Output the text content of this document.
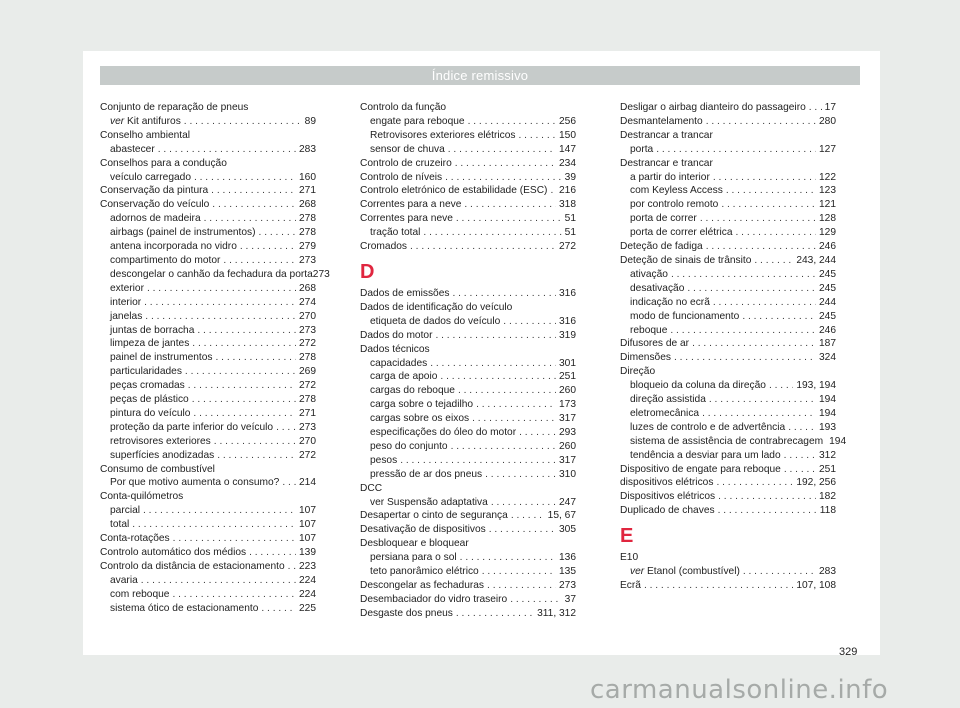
Índice remissivo
Conjunto de reparação de pneus
ver Kit antifuros . . .	89
Conselho ambiental
abastecer . . .	283
Conselhos para a condução
veículo carregado . . .	160
Conservação da pintura . . .	271
Conservação do veículo . . .	268
adornos de madeira . . .	278
airbags (painel de instrumentos) . . .	278
antena incorporada no vidro . . .	279
compartimento do motor . . .	273
descongelar o canhão da fechadura da porta 273
exterior . . .	268
interior . . .	274
janelas . . .	270
juntas de borracha . . .	273
limpeza de jantes . . .	272
painel de instrumentos . . .	278
particularidades . . .	269
peças cromadas . . .	272
peças de plástico . . .	278
pintura do veículo . . .	271
proteção da parte inferior do veículo . . .	273
retrovisores exteriores . . .	270
superfícies anodizadas . . .	272
Consumo de combustível
Por que motivo aumenta o consumo? . . . 214
Conta-quilómetros
parcial . . .	107
total . . .	107
Conta-rotações . . .	107
Controlo automático dos médios . . .	139
Controlo da distância de estacionamento . . . 223
avaria . . .	224
com reboque . . .	224
sistema ótico de estacionamento . . .	225
Controlo da função
engate para reboque . . .	256
Retrovisores exteriores elétricos . . .	150
sensor de chuva . . .	147
Controlo de cruzeiro . . .	234
Controlo de níveis . . .	39
Controlo eletrónico de estabilidade (ESC) . . . 216
Correntes para a neve . . .	318
Correntes para neve . . .	51
tração total . . .	51
Cromados . . .	272
D
Dados de emissões . . .	316
Dados de identificação do veículo
etiqueta de dados do veículo . . .	316
Dados do motor . . .	319
Dados técnicos
capacidades . . .	301
carga de apoio . . .	251
cargas do reboque . . .	260
carga sobre o tejadilho . . .	173
cargas sobre os eixos . . .	317
especificações do óleo do motor . . .	293
peso do conjunto . . .	260
pesos . . .	317
pressão de ar dos pneus . . .	310
DCC
ver Suspensão adaptativa . . .	247
Desapertar o cinto de segurança . . .	15, 67
Desativação de dispositivos . . .	305
Desbloquear e bloquear
persiana para o sol . . .	136
teto panorâmico elétrico . . .	135
Descongelar as fechaduras . . .	273
Desembaciador do vidro traseiro . . .	37
Desgaste dos pneus . . .	311, 312
Desligar o airbag dianteiro do passageiro . . . 17
Desmantelamento . . .	280
Destrancar a trancar
porta . . .	127
Destrancar e trancar
a partir do interior . . .	122
com Keyless Access . . .	123
por controlo remoto . . .	121
porta de correr . . .	128
porta de correr elétrica . . .	129
Deteção de fadiga . . .	246
Deteção de sinais de trânsito . . .	243, 244
ativação . . .	245
desativação . . .	245
indicação no ecrã . . .	244
modo de funcionamento . . .	245
reboque . . .	246
Difusores de ar . . .	187
Dimensões . . .	324
Direção
bloqueio da coluna da direção . . .	193, 194
direção assistida . . .	194
eletromecânica . . .	194
luzes de controlo e de advertência . . .	193
sistema de assistência de contrabrecagem 194
tendência a desviar para um lado . . .	312
Dispositivo de engate para reboque . . .	251
dispositivos elétricos . . .	192, 256
Dispositivos elétricos . . .	182
Duplicado de chaves . . .	118
E
E10
ver Etanol (combustível) . . .	283
Ecrã . . .	107, 108
329
carmanualsonline.info
